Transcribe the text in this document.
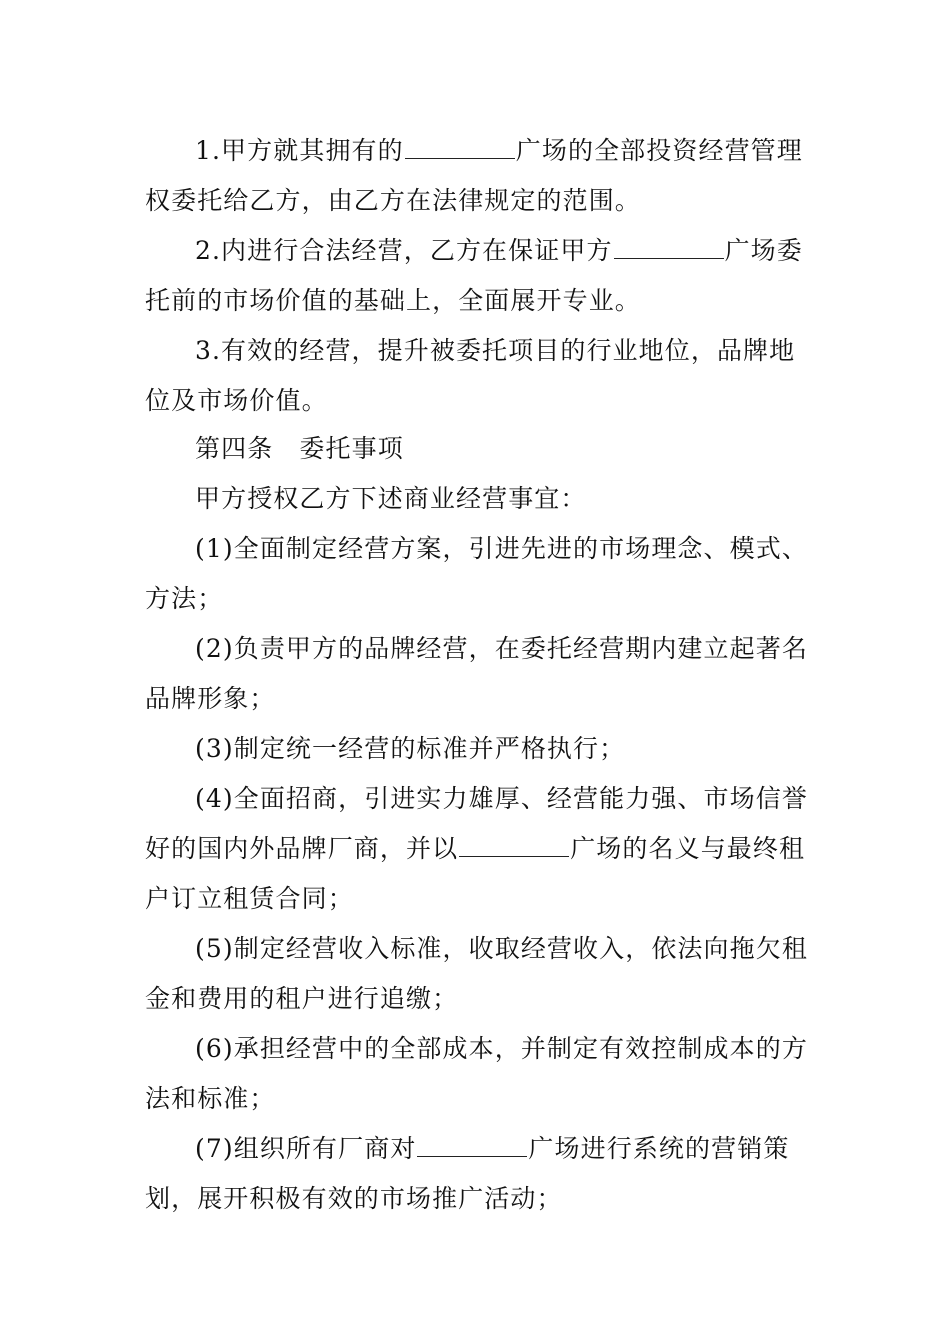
1.甲方就其拥有的	广场的全部投资经营管理
权委托给乙方，由乙方在法律规定的范围。
2.内进行合法经营，乙方在保证甲方	广场委
托前的市场价值的基础上，全面展开专业。
3.有效的经营，提升被委托项目的行业地位，品牌地
位及市场价值。
第四条　委托事项
甲方授权乙方下述商业经营事宜：
(1)全面制定经营方案，引进先进的市场理念、模式、
方法；
(2)负责甲方的品牌经营，在委托经营期内建立起著名
品牌形象；
(3)制定统一经营的标准并严格执行；
(4)全面招商，引进实力雄厚、经营能力强、市场信誉
好的国内外品牌厂商，并以	广场的名义与最终租
户订立租赁合同；
(5)制定经营收入标准，收取经营收入，依法向拖欠租
金和费用的租户进行追缴；
(6)承担经营中的全部成本，并制定有效控制成本的方
法和标准；
(7)组织所有厂商对	广场进行系统的营销策
划，展开积极有效的市场推广活动；
